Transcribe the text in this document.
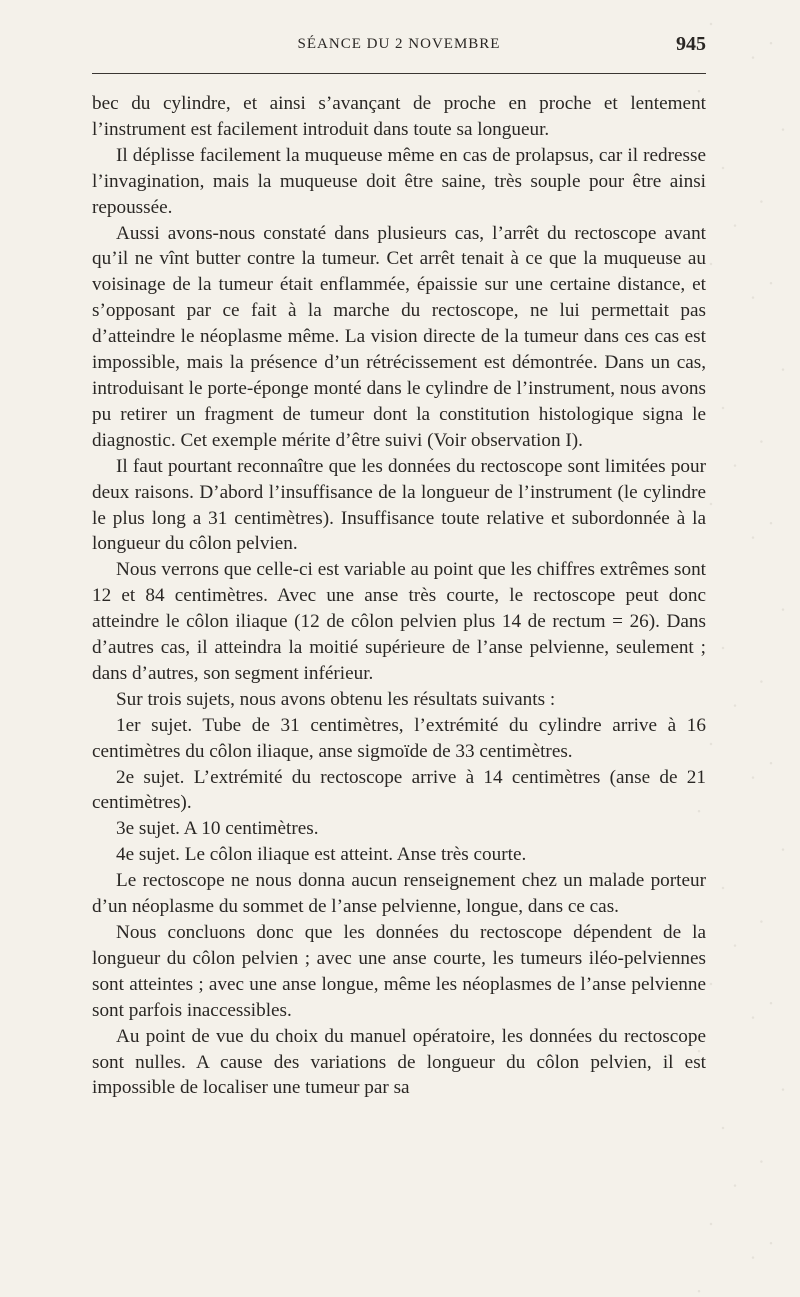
SÉANCE DU 2 NOVEMBRE	945

bec du cylindre, et ainsi s’avançant de proche en proche et lentement l’instrument est facilement introduit dans toute sa longueur.

Il déplisse facilement la muqueuse même en cas de prolapsus, car il redresse l’invagination, mais la muqueuse doit être saine, très souple pour être ainsi repoussée.

Aussi avons-nous constaté dans plusieurs cas, l’arrêt du rectoscope avant qu’il ne vînt butter contre la tumeur. Cet arrêt tenait à ce que la muqueuse au voisinage de la tumeur était enflammée, épaissie sur une certaine distance, et s’opposant par ce fait à la marche du rectoscope, ne lui permettait pas d’atteindre le néoplasme même. La vision directe de la tumeur dans ces cas est impossible, mais la présence d’un rétrécissement est démontrée. Dans un cas, introduisant le porte-éponge monté dans le cylindre de l’instrument, nous avons pu retirer un fragment de tumeur dont la constitution histologique signa le diagnostic. Cet exemple mérite d’être suivi (Voir observation I).

Il faut pourtant reconnaître que les données du rectoscope sont limitées pour deux raisons. D’abord l’insuffisance de la longueur de l’instrument (le cylindre le plus long a 31 centimètres). Insuffisance toute relative et subordonnée à la longueur du côlon pelvien.

Nous verrons que celle-ci est variable au point que les chiffres extrêmes sont 12 et 84 centimètres. Avec une anse très courte, le rectoscope peut donc atteindre le côlon iliaque (12 de côlon pelvien plus 14 de rectum = 26). Dans d’autres cas, il atteindra la moitié supérieure de l’anse pelvienne, seulement ; dans d’autres, son segment inférieur.

Sur trois sujets, nous avons obtenu les résultats suivants :

1er sujet. Tube de 31 centimètres, l’extrémité du cylindre arrive à 16 centimètres du côlon iliaque, anse sigmoïde de 33 centimètres.

2e sujet. L’extrémité du rectoscope arrive à 14 centimètres (anse de 21 centimètres).

3e sujet. A 10 centimètres.

4e sujet. Le côlon iliaque est atteint. Anse très courte.

Le rectoscope ne nous donna aucun renseignement chez un malade porteur d’un néoplasme du sommet de l’anse pelvienne, longue, dans ce cas.

Nous concluons donc que les données du rectoscope dépendent de la longueur du côlon pelvien ; avec une anse courte, les tumeurs iléo-pelviennes sont atteintes ; avec une anse longue, même les néoplasmes de l’anse pelvienne sont parfois inaccessibles.

Au point de vue du choix du manuel opératoire, les données du rectoscope sont nulles. A cause des variations de longueur du côlon pelvien, il est impossible de localiser une tumeur par sa
